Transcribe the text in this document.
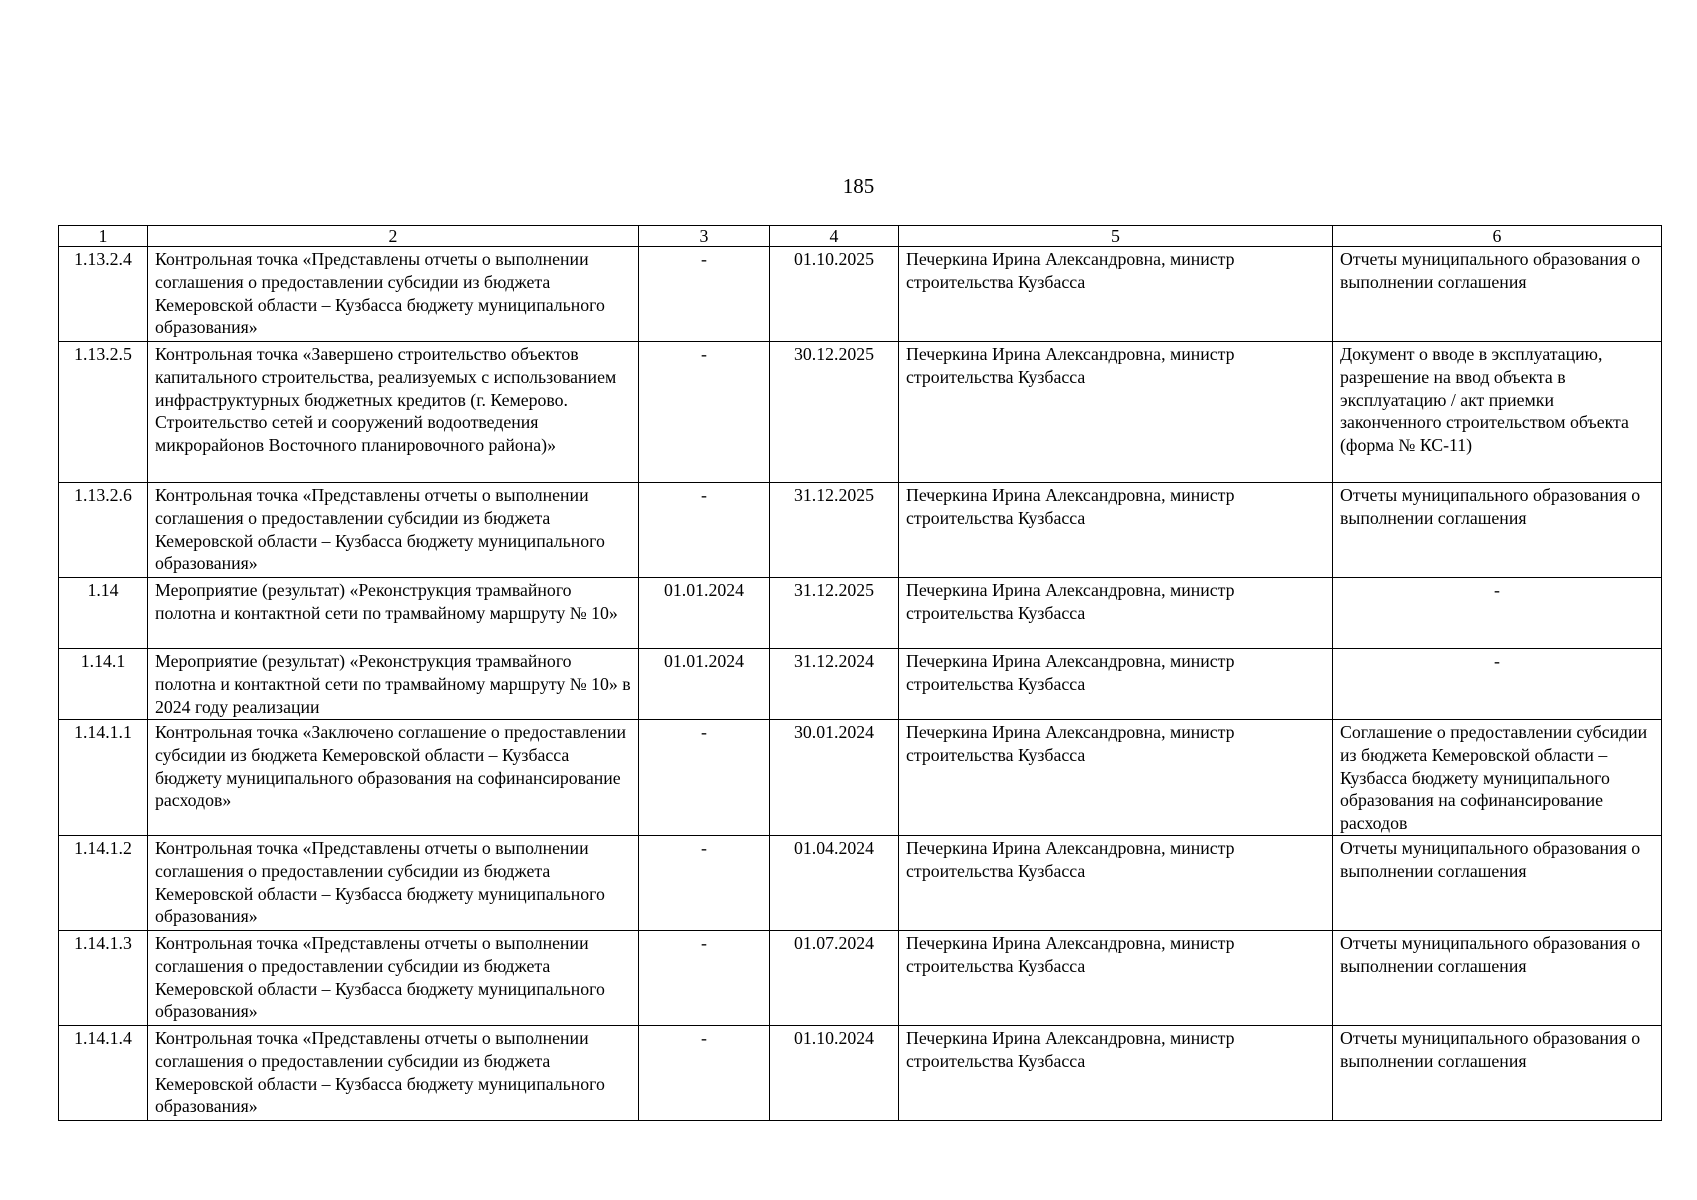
185
1	2	3	4	5	6
1.13.2.4	Контрольная точка «Представлены отчеты о выполнении соглашения о предоставлении субсидии из бюджета Кемеровской области – Кузбасса бюджету муниципального образования»	-	01.10.2025	Печеркина Ирина Александровна, министр строительства Кузбасса	Отчеты муниципального образования о выполнении соглашения
1.13.2.5	Контрольная точка «Завершено строительство объектов капитального строительства, реализуемых с использованием инфраструктурных бюджетных кредитов (г. Кемерово. Строительство сетей и сооружений водоотведения микрорайонов Восточного планировочного района)»	-	30.12.2025	Печеркина Ирина Александровна, министр строительства Кузбасса	Документ о вводе в эксплуатацию, разрешение на ввод объекта в эксплуатацию / акт приемки законченного строительством объекта (форма № КС-11)
1.13.2.6	Контрольная точка «Представлены отчеты о выполнении соглашения о предоставлении субсидии из бюджета Кемеровской области – Кузбасса бюджету муниципального образования»	-	31.12.2025	Печеркина Ирина Александровна, министр строительства Кузбасса	Отчеты муниципального образования о выполнении соглашения
1.14	Мероприятие (результат) «Реконструкция трамвайного полотна и контактной сети по трамвайному маршруту № 10»	01.01.2024	31.12.2025	Печеркина Ирина Александровна, министр строительства Кузбасса	-
1.14.1	Мероприятие (результат) «Реконструкция трамвайного полотна и контактной сети по трамвайному маршруту № 10» в 2024 году реализации	01.01.2024	31.12.2024	Печеркина Ирина Александровна, министр строительства Кузбасса	-
1.14.1.1	Контрольная точка «Заключено соглашение о предоставлении субсидии из бюджета Кемеровской области – Кузбасса бюджету муниципального образования на софинансирование расходов»	-	30.01.2024	Печеркина Ирина Александровна, министр строительства Кузбасса	Соглашение о предоставлении субсидии из бюджета Кемеровской области – Кузбасса бюджету муниципального образования на софинансирование расходов
1.14.1.2	Контрольная точка «Представлены отчеты о выполнении соглашения о предоставлении субсидии из бюджета Кемеровской области – Кузбасса бюджету муниципального образования»	-	01.04.2024	Печеркина Ирина Александровна, министр строительства Кузбасса	Отчеты муниципального образования о выполнении соглашения
1.14.1.3	Контрольная точка «Представлены отчеты о выполнении соглашения о предоставлении субсидии из бюджета Кемеровской области – Кузбасса бюджету муниципального образования»	-	01.07.2024	Печеркина Ирина Александровна, министр строительства Кузбасса	Отчеты муниципального образования о выполнении соглашения
1.14.1.4	Контрольная точка «Представлены отчеты о выполнении соглашения о предоставлении субсидии из бюджета Кемеровской области – Кузбасса бюджету муниципального образования»	-	01.10.2024	Печеркина Ирина Александровна, министр строительства Кузбасса	Отчеты муниципального образования о выполнении соглашения
